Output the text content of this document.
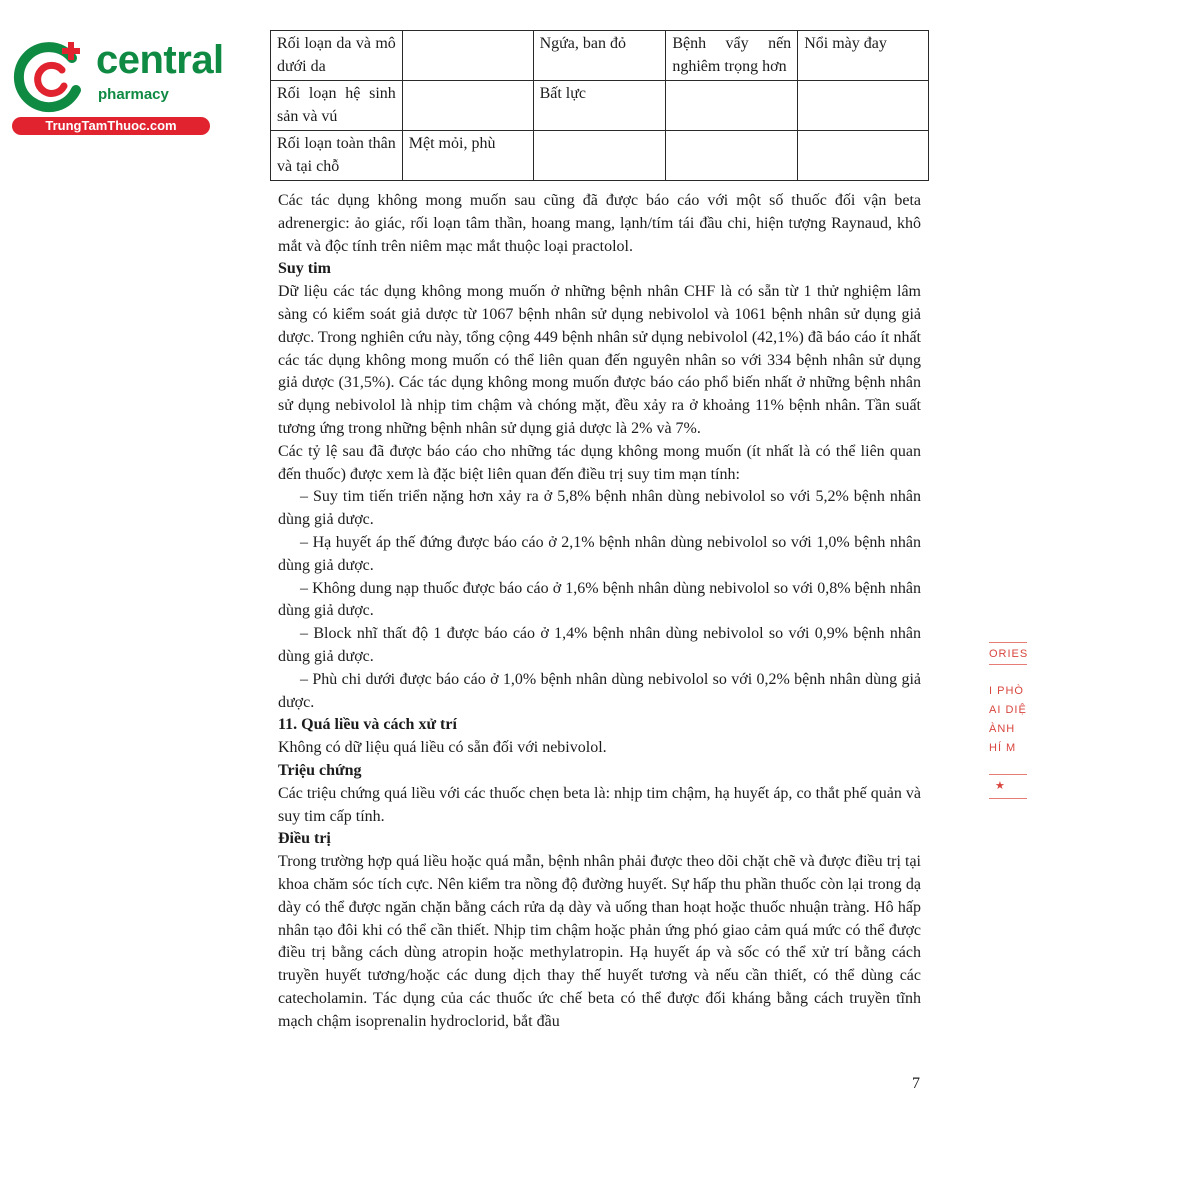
central
pharmacy
TrungTamThuoc.com
Rối loạn da và mô dưới da		Ngứa, ban đỏ	Bệnh vẩy nến nghiêm trọng hơn	Nổi mày đay
Rối loạn hệ sinh sản và vú		Bất lực		
Rối loạn toàn thân và tại chỗ	Mệt mỏi, phù			

Các tác dụng không mong muốn sau cũng đã được báo cáo với một số thuốc đối vận beta adrenergic: ảo giác, rối loạn tâm thần, hoang mang, lạnh/tím tái đầu chi, hiện tượng Raynaud, khô mắt và độc tính trên niêm mạc mắt thuộc loại practolol.

Suy tim

Dữ liệu các tác dụng không mong muốn ở những bệnh nhân CHF là có sẵn từ 1 thử nghiệm lâm sàng có kiểm soát giả dược từ 1067 bệnh nhân sử dụng nebivolol và 1061 bệnh nhân sử dụng giả dược. Trong nghiên cứu này, tổng cộng 449 bệnh nhân sử dụng nebivolol (42,1%) đã báo cáo ít nhất các tác dụng không mong muốn có thể liên quan đến nguyên nhân so với 334 bệnh nhân sử dụng giả dược (31,5%). Các tác dụng không mong muốn được báo cáo phổ biến nhất ở những bệnh nhân sử dụng nebivolol là nhịp tim chậm và chóng mặt, đều xảy ra ở khoảng 11% bệnh nhân. Tần suất tương ứng trong những bệnh nhân sử dụng giả dược là 2% và 7%.

Các tỷ lệ sau đã được báo cáo cho những tác dụng không mong muốn (ít nhất là có thể liên quan đến thuốc) được xem là đặc biệt liên quan đến điều trị suy tim mạn tính:

– Suy tim tiến triển nặng hơn xảy ra ở 5,8% bệnh nhân dùng nebivolol so với 5,2% bệnh nhân dùng giả dược.

– Hạ huyết áp thế đứng được báo cáo ở 2,1% bệnh nhân dùng nebivolol so với 1,0% bệnh nhân dùng giả dược.

– Không dung nạp thuốc được báo cáo ở 1,6% bệnh nhân dùng nebivolol so với 0,8% bệnh nhân dùng giả dược.

– Block nhĩ thất độ 1 được báo cáo ở 1,4% bệnh nhân dùng nebivolol so với 0,9% bệnh nhân dùng giả dược.

– Phù chi dưới được báo cáo ở 1,0% bệnh nhân dùng nebivolol so với 0,2% bệnh nhân dùng giả dược.

11. Quá liều và cách xử trí

Không có dữ liệu quá liều có sẵn đối với nebivolol.

Triệu chứng

Các triệu chứng quá liều với các thuốc chẹn beta là: nhịp tim chậm, hạ huyết áp, co thắt phế quản và suy tim cấp tính.

Điều trị

Trong trường hợp quá liều hoặc quá mẫn, bệnh nhân phải được theo dõi chặt chẽ và được điều trị tại khoa chăm sóc tích cực. Nên kiểm tra nồng độ đường huyết. Sự hấp thu phần thuốc còn lại trong dạ dày có thể được ngăn chặn bằng cách rửa dạ dày và uống than hoạt hoặc thuốc nhuận tràng. Hô hấp nhân tạo đôi khi có thể cần thiết. Nhịp tim chậm hoặc phản ứng phó giao cảm quá mức có thể được điều trị bằng cách dùng atropin hoặc methylatropin. Hạ huyết áp và sốc có thể xử trí bằng cách truyền huyết tương/hoặc các dung dịch thay thế huyết tương và nếu cần thiết, có thể dùng các catecholamin. Tác dụng của các thuốc ức chế beta có thể được đối kháng bằng cách truyền tĩnh mạch chậm isoprenalin hydroclorid, bắt đầu

7
ORIES
I PHÒ
AI DIỆ
ÀNH
HÍ M
★
